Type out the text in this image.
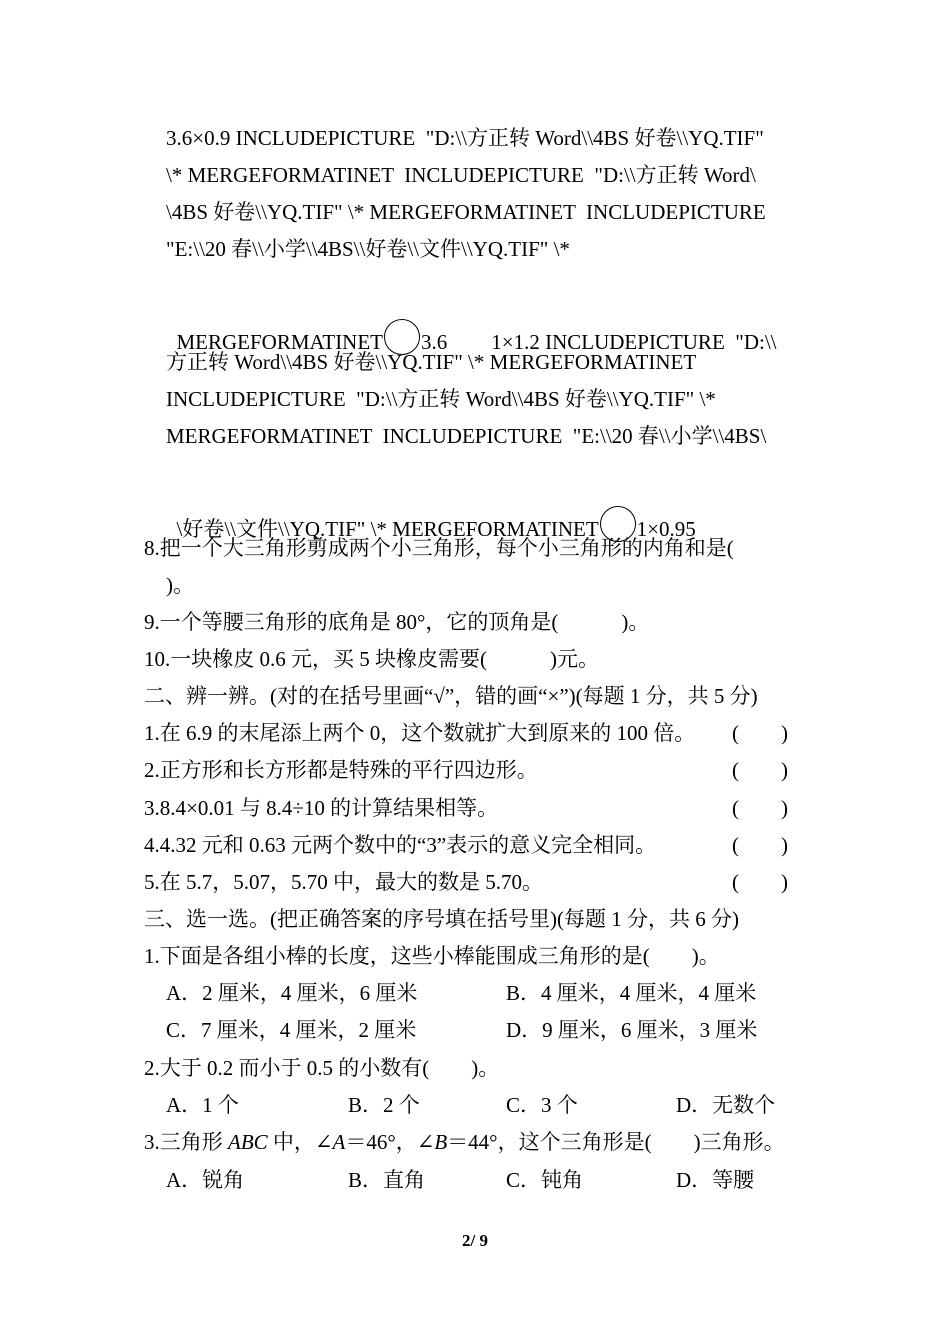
3.6×0.9 INCLUDEPICTURE  "D:\\方正转 Word\\4BS 好卷\\YQ.TIF"
\* MERGEFORMATINET  INCLUDEPICTURE  "D:\\方正转 Word\
\4BS 好卷\\YQ.TIF" \* MERGEFORMATINET  INCLUDEPICTURE
"E:\\20 春\\小学\\4BS\\好卷\\文件\\YQ.TIF" \*

MERGEFORMATINET 3.6 1×1.2 INCLUDEPICTURE  "D:\\

方正转 Word\\4BS 好卷\\YQ.TIF" \* MERGEFORMATINET
INCLUDEPICTURE  "D:\\方正转 Word\\4BS 好卷\\YQ.TIF" \*
MERGEFORMATINET  INCLUDEPICTURE  "E:\\20 春\\小学\\4BS\

\好卷\\文件\\YQ.TIF" \* MERGEFORMATINET 1×0.95

8.把一个大三角形剪成两个小三角形，每个小三角形的内角和是(
)。
9.一个等腰三角形的底角是 80°，它的顶角是(            )。
10.一块橡皮 0.6 元，买 5 块橡皮需要(            )元。
二、辨一辨。(对的在括号里画“√”，错的画“×”)(每题 1 分，共 5 分)
1.在 6.9 的末尾添上两个 0，这个数就扩大到原来的 100 倍。 (        )
2.正方形和长方形都是特殊的平行四边形。	(        )
3.8.4×0.01 与 8.4÷10 的计算结果相等。	(        )
4.4.32 元和 0.63 元两个数中的“3”表示的意义完全相同。	(        )
5.在 5.7，5.07，5.70 中，最大的数是 5.70。	(        )
三、选一选。(把正确答案的序号填在括号里)(每题 1 分，共 6 分)
1.下面是各组小棒的长度，这些小棒能围成三角形的是(        )。
A．2 厘米，4 厘米，6 厘米	B．4 厘米，4 厘米，4 厘米
C．7 厘米，4 厘米，2 厘米	D．9 厘米，6 厘米，3 厘米
2.大于 0.2 而小于 0.5 的小数有(        )。
A．1 个	B．2 个	C．3 个	D．无数个
3.三角形 ABC 中，∠A＝46°，∠B＝44°，这个三角形是(        )三角形。
A．锐角	B．直角	C．钝角	D．等腰
2/ 9
